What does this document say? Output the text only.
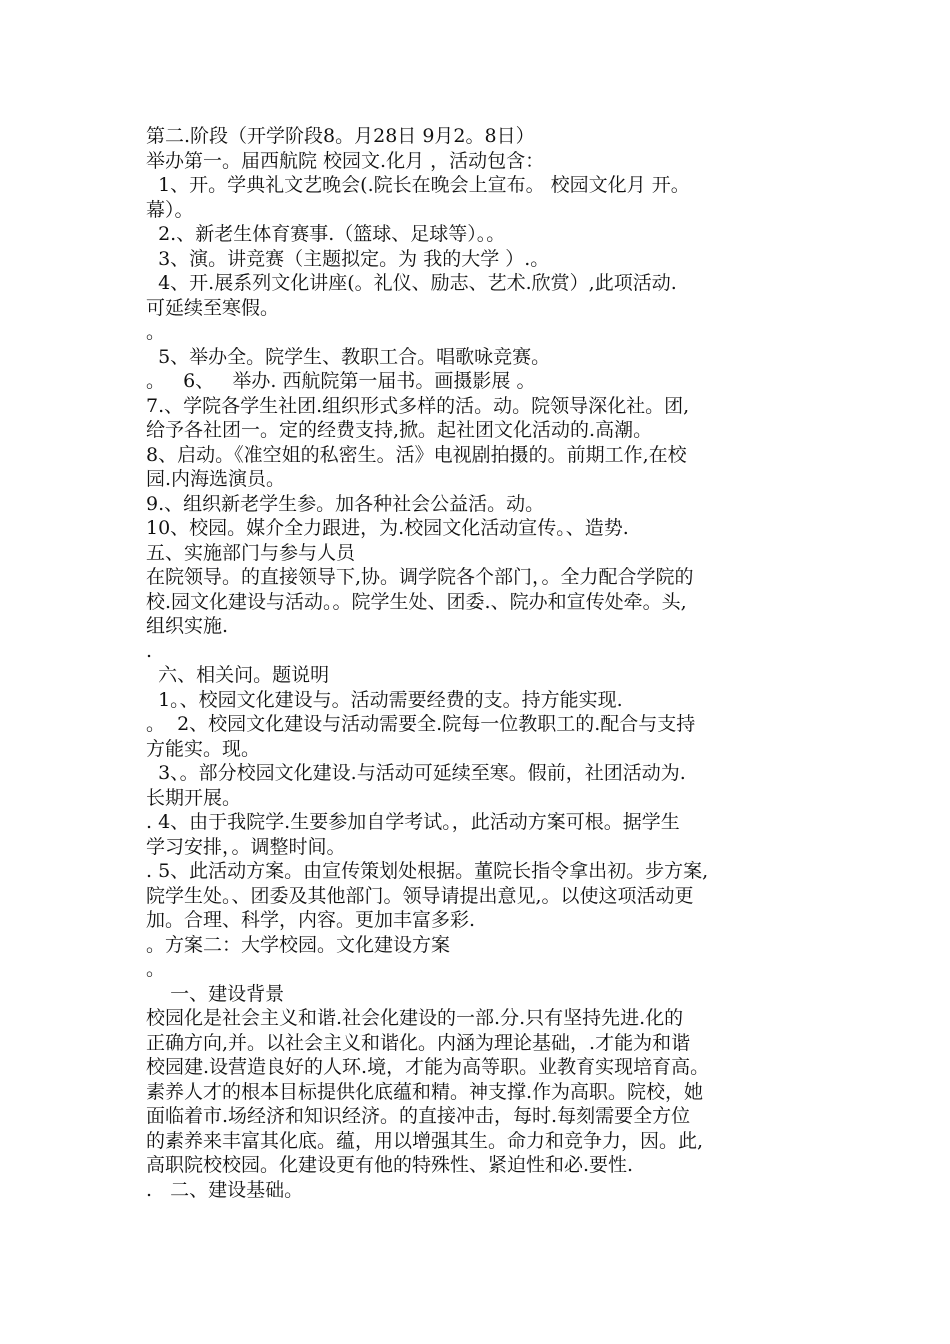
第二.阶段（开学阶段8。月28日 9月2。8日）
举办第一。届西航院 校园文.化月 ，活动包含：
1、开。学典礼文艺晚会(.院长在晚会上宣布。 校园文化月 开。
幕）。
2.、新老生体育赛事.（篮球、足球等）。。
3、演。讲竞赛（主题拟定。为 我的大学 ）.。
4、开.展系列文化讲座(。礼仪、励志、艺术.欣赏）,此项活动.
可延续至寒假。
。
5、举办全。院学生、教职工合。唱歌咏竞赛。
。   6、   举办. 西航院第一届书。画摄影展 。
7.、学院各学生社团.组织形式多样的活。动。院领导深化社。团,
给予各社团一。定的经费支持,掀。起社团文化活动的.高潮。
8、启动。《准空姐的私密生。活》电视剧拍摄的。前期工作,在校
园.内海选演员。
9.、组织新老学生参。加各种社会公益活。动。
10、校园。媒介全力跟进，为.校园文化活动宣传。、造势.
五、实施部门与参与人员
在院领导。的直接领导下,协。调学院各个部门，。全力配合学院的
校.园文化建设与活动。。院学生处、团委.、院办和宣传处牵。头,
组织实施.
.
六、相关问。题说明
1。、校园文化建设与。活动需要经费的支。持方能实现.
。  2、校园文化建设与活动需要全.院每一位教职工的.配合与支持
方能实。现。
3、。部分校园文化建设.与活动可延续至寒。假前，社团活动为.
长期开展。
. 4、由于我院学.生要参加自学考试。，此活动方案可根。据学生
学习安排，。调整时间。
. 5、此活动方案。由宣传策划处根据。董院长指令拿出初。步方案,
院学生处。、团委及其他部门。领导请提出意见,。以使这项活动更
加。合理、科学，内容。更加丰富多彩.
。方案二：大学校园。文化建设方案
。
一、建设背景
校园化是社会主义和谐.社会化建设的一部.分.只有坚持先进.化的
正确方向,并。以社会主义和谐化。内涵为理论基础，.才能为和谐
校园建.设营造良好的人环.境，才能为高等职。业教育实现培育高。
素养人才的根本目标提供化底蕴和精。神支撑.作为高职。院校，她
面临着市.场经济和知识经济。的直接冲击，每时.每刻需要全方位
的素养来丰富其化底。蕴，用以增强其生。命力和竞争力，因。此,
高职院校校园。化建设更有他的特殊性、紧迫性和必.要性.
.   二、建设基础。
